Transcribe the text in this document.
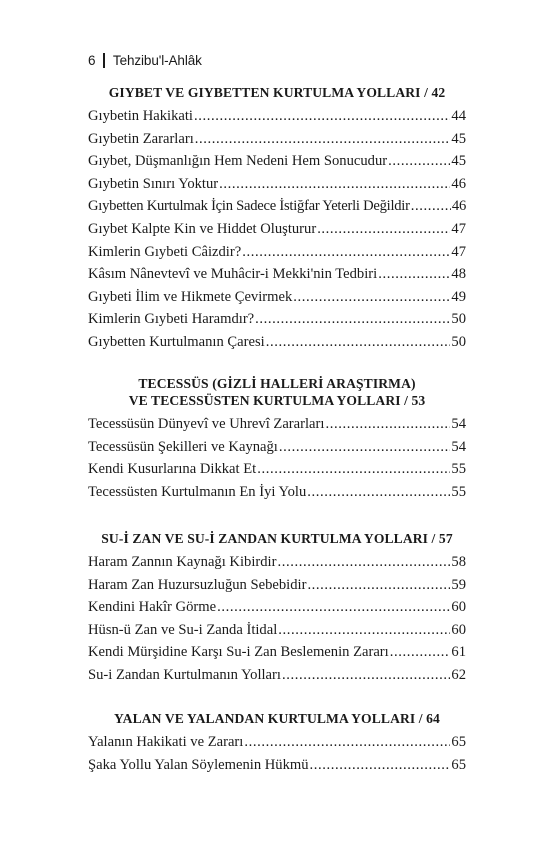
6 Tehzibu'l-Ahlâk
GIYBET VE GIYBETTEN KURTULMA YOLLARI / 42
Gıybetin Hakikati .....	44
Gıybetin Zararları .....	45
Gıybet, Düşmanlığın Hem Nedeni Hem Sonucudur .....	45
Gıybetin Sınırı Yoktur .....	46
Gıybetten Kurtulmak İçin Sadece İstiğfar Yeterli Değildir .....	46
Gıybet Kalpte Kin ve Hiddet Oluşturur .....	47
Kimlerin Gıybeti Câizdir? .....	47
Kâsım Nânevtevî ve Muhâcir-i Mekki'nin Tedbiri .....	48
Gıybeti İlim ve Hikmete Çevirmek .....	49
Kimlerin Gıybeti Haramdır? .....	50
Gıybetten Kurtulmanın Çaresi .....	50
TECESSÜS (GİZLİ HALLERİ ARAŞTIRMA)
VE TECESSÜSTEN KURTULMA YOLLARI / 53
Tecessüsün Dünyevî ve Uhrevî Zararları .....	54
Tecessüsün Şekilleri ve Kaynağı .....	54
Kendi Kusurlarına Dikkat Et .....	55
Tecessüsten Kurtulmanın En İyi Yolu .....	55
SU-İ ZAN VE SU-İ ZANDAN KURTULMA YOLLARI / 57
Haram Zannın Kaynağı Kibirdir .....	58
Haram Zan Huzursuzluğun Sebebidir .....	59
Kendini Hakîr Görme .....	60
Hüsn-ü Zan ve Su-i Zanda İtidal .....	60
Kendi Mürşidine Karşı Su-i Zan Beslemenin Zararı .....	61
Su-i Zandan Kurtulmanın Yolları .....	62
YALAN VE YALANDAN KURTULMA YOLLARI / 64
Yalanın Hakikati ve Zararı .....	65
Şaka Yollu Yalan Söylemenin Hükmü .....	65
